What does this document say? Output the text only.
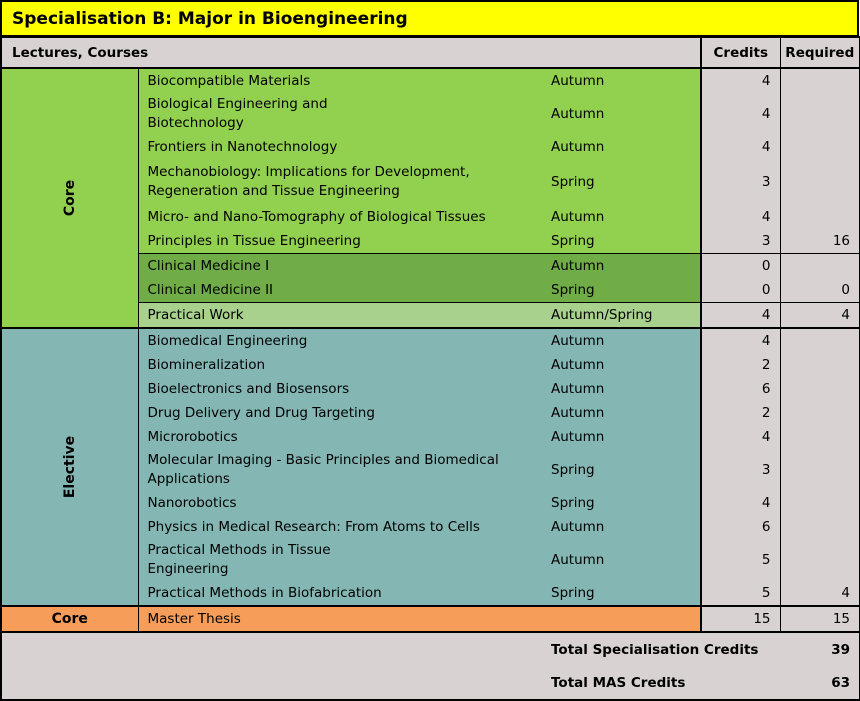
Specialisation B: Major in Bioengineering
Lectures, Courses			Credits	Required
Core	Biocompatible Materials	Autumn	4	
	Biological Engineering and Biotechnology	Autumn	4	
	Frontiers in Nanotechnology	Autumn	4	
	Mechanobiology: Implications for Development, Regeneration and Tissue Engineering	Spring	3	
	Micro- and Nano-Tomography of Biological Tissues	Autumn	4	
	Principles in Tissue Engineering	Spring	3	16
	Clinical Medicine I	Autumn	0	
	Clinical Medicine II	Spring	0	0
	Practical Work	Autumn/Spring	4	4
Elective	Biomedical Engineering	Autumn	4	
	Biomineralization	Autumn	2	
	Bioelectronics and Biosensors	Autumn	6	
	Drug Delivery and Drug Targeting	Autumn	2	
	Microrobotics	Autumn	4	
	Molecular Imaging - Basic Principles and Biomedical Applications	Spring	3	
	Nanorobotics	Spring	4	
	Physics in Medical Research: From Atoms to Cells	Autumn	6	
	Practical Methods in Tissue Engineering	Autumn	5	
	Practical Methods in Biofabrication	Spring	5	4
Core	Master Thesis		15	15
		Total Specialisation Credits		39
		Total MAS Credits		63
